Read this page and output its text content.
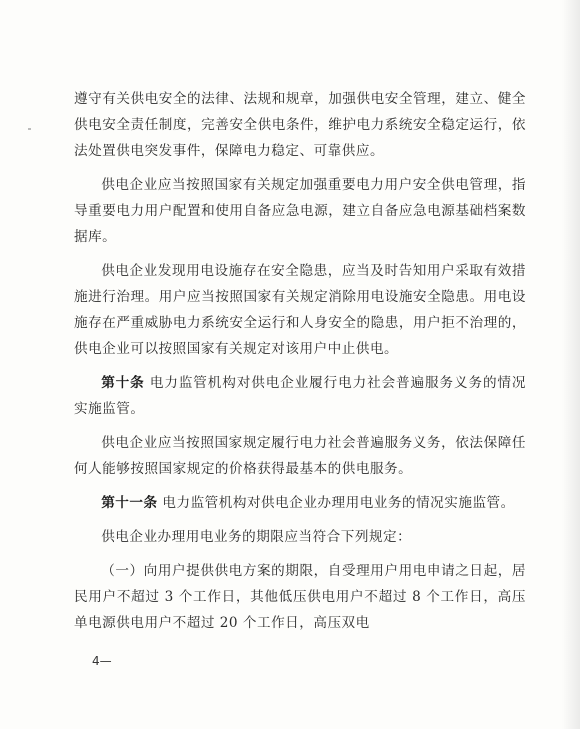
遵守有关供电安全的法律、法规和规章，加强供电安全管理，建立、健全供电安全责任制度，完善安全供电条件，维护电力系统安全稳定运行，依法处置供电突发事件，保障电力稳定、可靠供应。

供电企业应当按照国家有关规定加强重要电力用户安全供电管理，指导重要电力用户配置和使用自备应急电源，建立自备应急电源基础档案数据库。

供电企业发现用电设施存在安全隐患，应当及时告知用户采取有效措施进行治理。用户应当按照国家有关规定消除用电设施安全隐患。用电设施存在严重威胁电力系统安全运行和人身安全的隐患，用户拒不治理的，供电企业可以按照国家有关规定对该用户中止供电。

第十条 电力监管机构对供电企业履行电力社会普遍服务义务的情况实施监管。

供电企业应当按照国家规定履行电力社会普遍服务义务，依法保障任何人能够按照国家规定的价格获得最基本的供电服务。

第十一条 电力监管机构对供电企业办理用电业务的情况实施监管。

供电企业办理用电业务的期限应当符合下列规定：

（一）向用户提供供电方案的期限，自受理用户用电申请之日起，居民用户不超过 3 个工作日，其他低压供电用户不超过 8 个工作日，高压单电源供电用户不超过 20 个工作日，高压双电

4—
